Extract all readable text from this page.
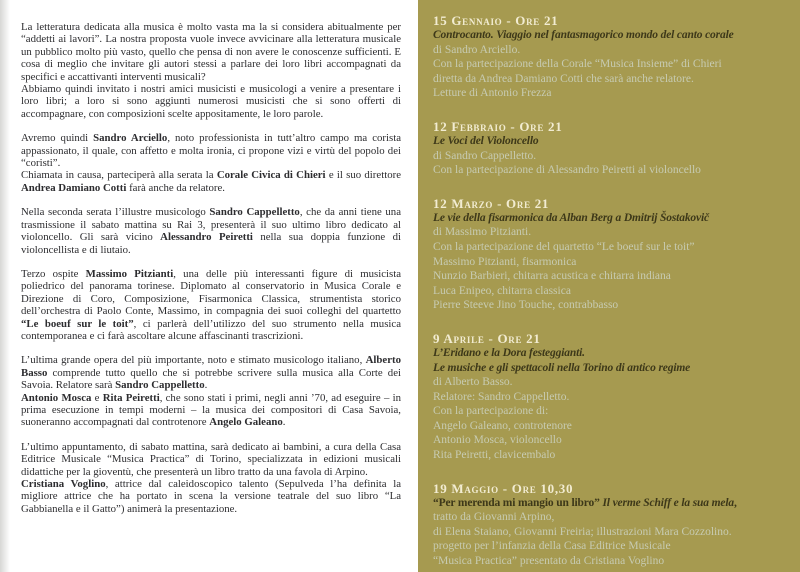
La letteratura dedicata alla musica è molto vasta ma la si considera abitualmente per “addetti ai lavori”. La nostra proposta vuole invece avvicinare alla letteratura musicale un pubblico molto più vasto, quello che pensa di non avere le conoscenze sufficienti. E cosa di meglio che invitare gli autori stessi a parlare dei loro libri accompagnati da specifici e accattivanti interventi musicali?
Abbiamo quindi invitato i nostri amici musicisti e musicologi a venire a presentare i loro libri; a loro si sono aggiunti numerosi musicisti che si sono offerti di accompagnare, con composizioni scelte appositamente, le loro parole.

Avremo quindi Sandro Arciello, noto professionista in tutt’altro campo ma corista appassionato, il quale, con affetto e molta ironia, ci propone vizi e virtù del popolo dei “coristi”.
Chiamata in causa, parteciperà alla serata la Corale Civica di Chieri e il suo direttore Andrea Damiano Cotti farà anche da relatore.

Nella seconda serata l’illustre musicologo Sandro Cappelletto, che da anni tiene una trasmissione il sabato mattina su Rai 3, presenterà il suo ultimo libro dedicato al violoncello. Gli sarà vicino Alessandro Peiretti nella sua doppia funzione di violoncellista e di liutaio.

Terzo ospite Massimo Pitzianti, una delle più interessanti figure di musicista poliedrico del panorama torinese. Diplomato al conservatorio in Musica Corale e Direzione di Coro, Composizione, Fisarmonica Classica, strumentista storico dell’orchestra di Paolo Conte, Massimo, in compagnia dei suoi colleghi del quartetto “Le boeuf sur le toit”, ci parlerà dell’utilizzo del suo strumento nella musica contemporanea e ci farà ascoltare alcune affascinanti trascrizioni.

L’ultima grande opera del più importante, noto e stimato musicologo italiano, Alberto Basso comprende tutto quello che si potrebbe scrivere sulla musica alla Corte dei Savoia. Relatore sarà Sandro Cappelletto.
Antonio Mosca e Rita Peiretti, che sono stati i primi, negli anni ’70, ad eseguire – in prima esecuzione in tempi moderni – la musica dei compositori di Casa Savoia, suoneranno accompagnati dal controtenore Angelo Galeano.

L’ultimo appuntamento, di sabato mattina, sarà dedicato ai bambini, a cura della Casa Editrice Musicale “Musica Practica” di Torino, specializzata in edizioni musicali didattiche per la gioventù, che presenterà un libro tratto da una favola di Arpino.
Cristiana Voglino, attrice dal caleidoscopico talento (Sepulveda l’ha definita la migliore attrice che ha portato in scena la versione teatrale del suo libro “La Gabbianella e il Gatto”) animerà la presentazione.

15 Gennaio - Ore 21
Controcanto. Viaggio nel fantasmagorico mondo del canto corale
di Sandro Arciello.
Con la partecipazione della Corale “Musica Insieme” di Chieri
diretta da Andrea Damiano Cotti che sarà anche relatore.
Letture di Antonio Frezza
12 Febbraio - Ore 21
Le Voci del Violoncello
di Sandro Cappelletto.
Con la partecipazione di Alessandro Peiretti al violoncello
12 Marzo - Ore 21
Le vie della fisarmonica da Alban Berg a Dmitrij Šostakovič
di Massimo Pitzianti.
Con la partecipazione del quartetto “Le boeuf sur le toit”
Massimo Pitzianti, fisarmonica
Nunzio Barbieri, chitarra acustica e chitarra indiana
Luca Enipeo, chitarra classica
Pierre Steeve Jino Touche, contrabbasso
9 Aprile - Ore 21
L’Eridano e la Dora festeggianti.
Le musiche e gli spettacoli nella Torino di antico regime
di Alberto Basso.
Relatore: Sandro Cappelletto.
Con la partecipazione di:
Angelo Galeano, controtenore
Antonio Mosca, violoncello
Rita Peiretti, clavicembalo
19 Maggio - Ore 10,30
“Per merenda mi mangio un libro” Il verme Schiff e la sua mela,
tratto da Giovanni Arpino,
di Elena Staiano, Giovanni Freiria; illustrazioni Mara Cozzolino.
progetto per l’infanzia della Casa Editrice Musicale
“Musica Practica” presentato da Cristiana Voglino
